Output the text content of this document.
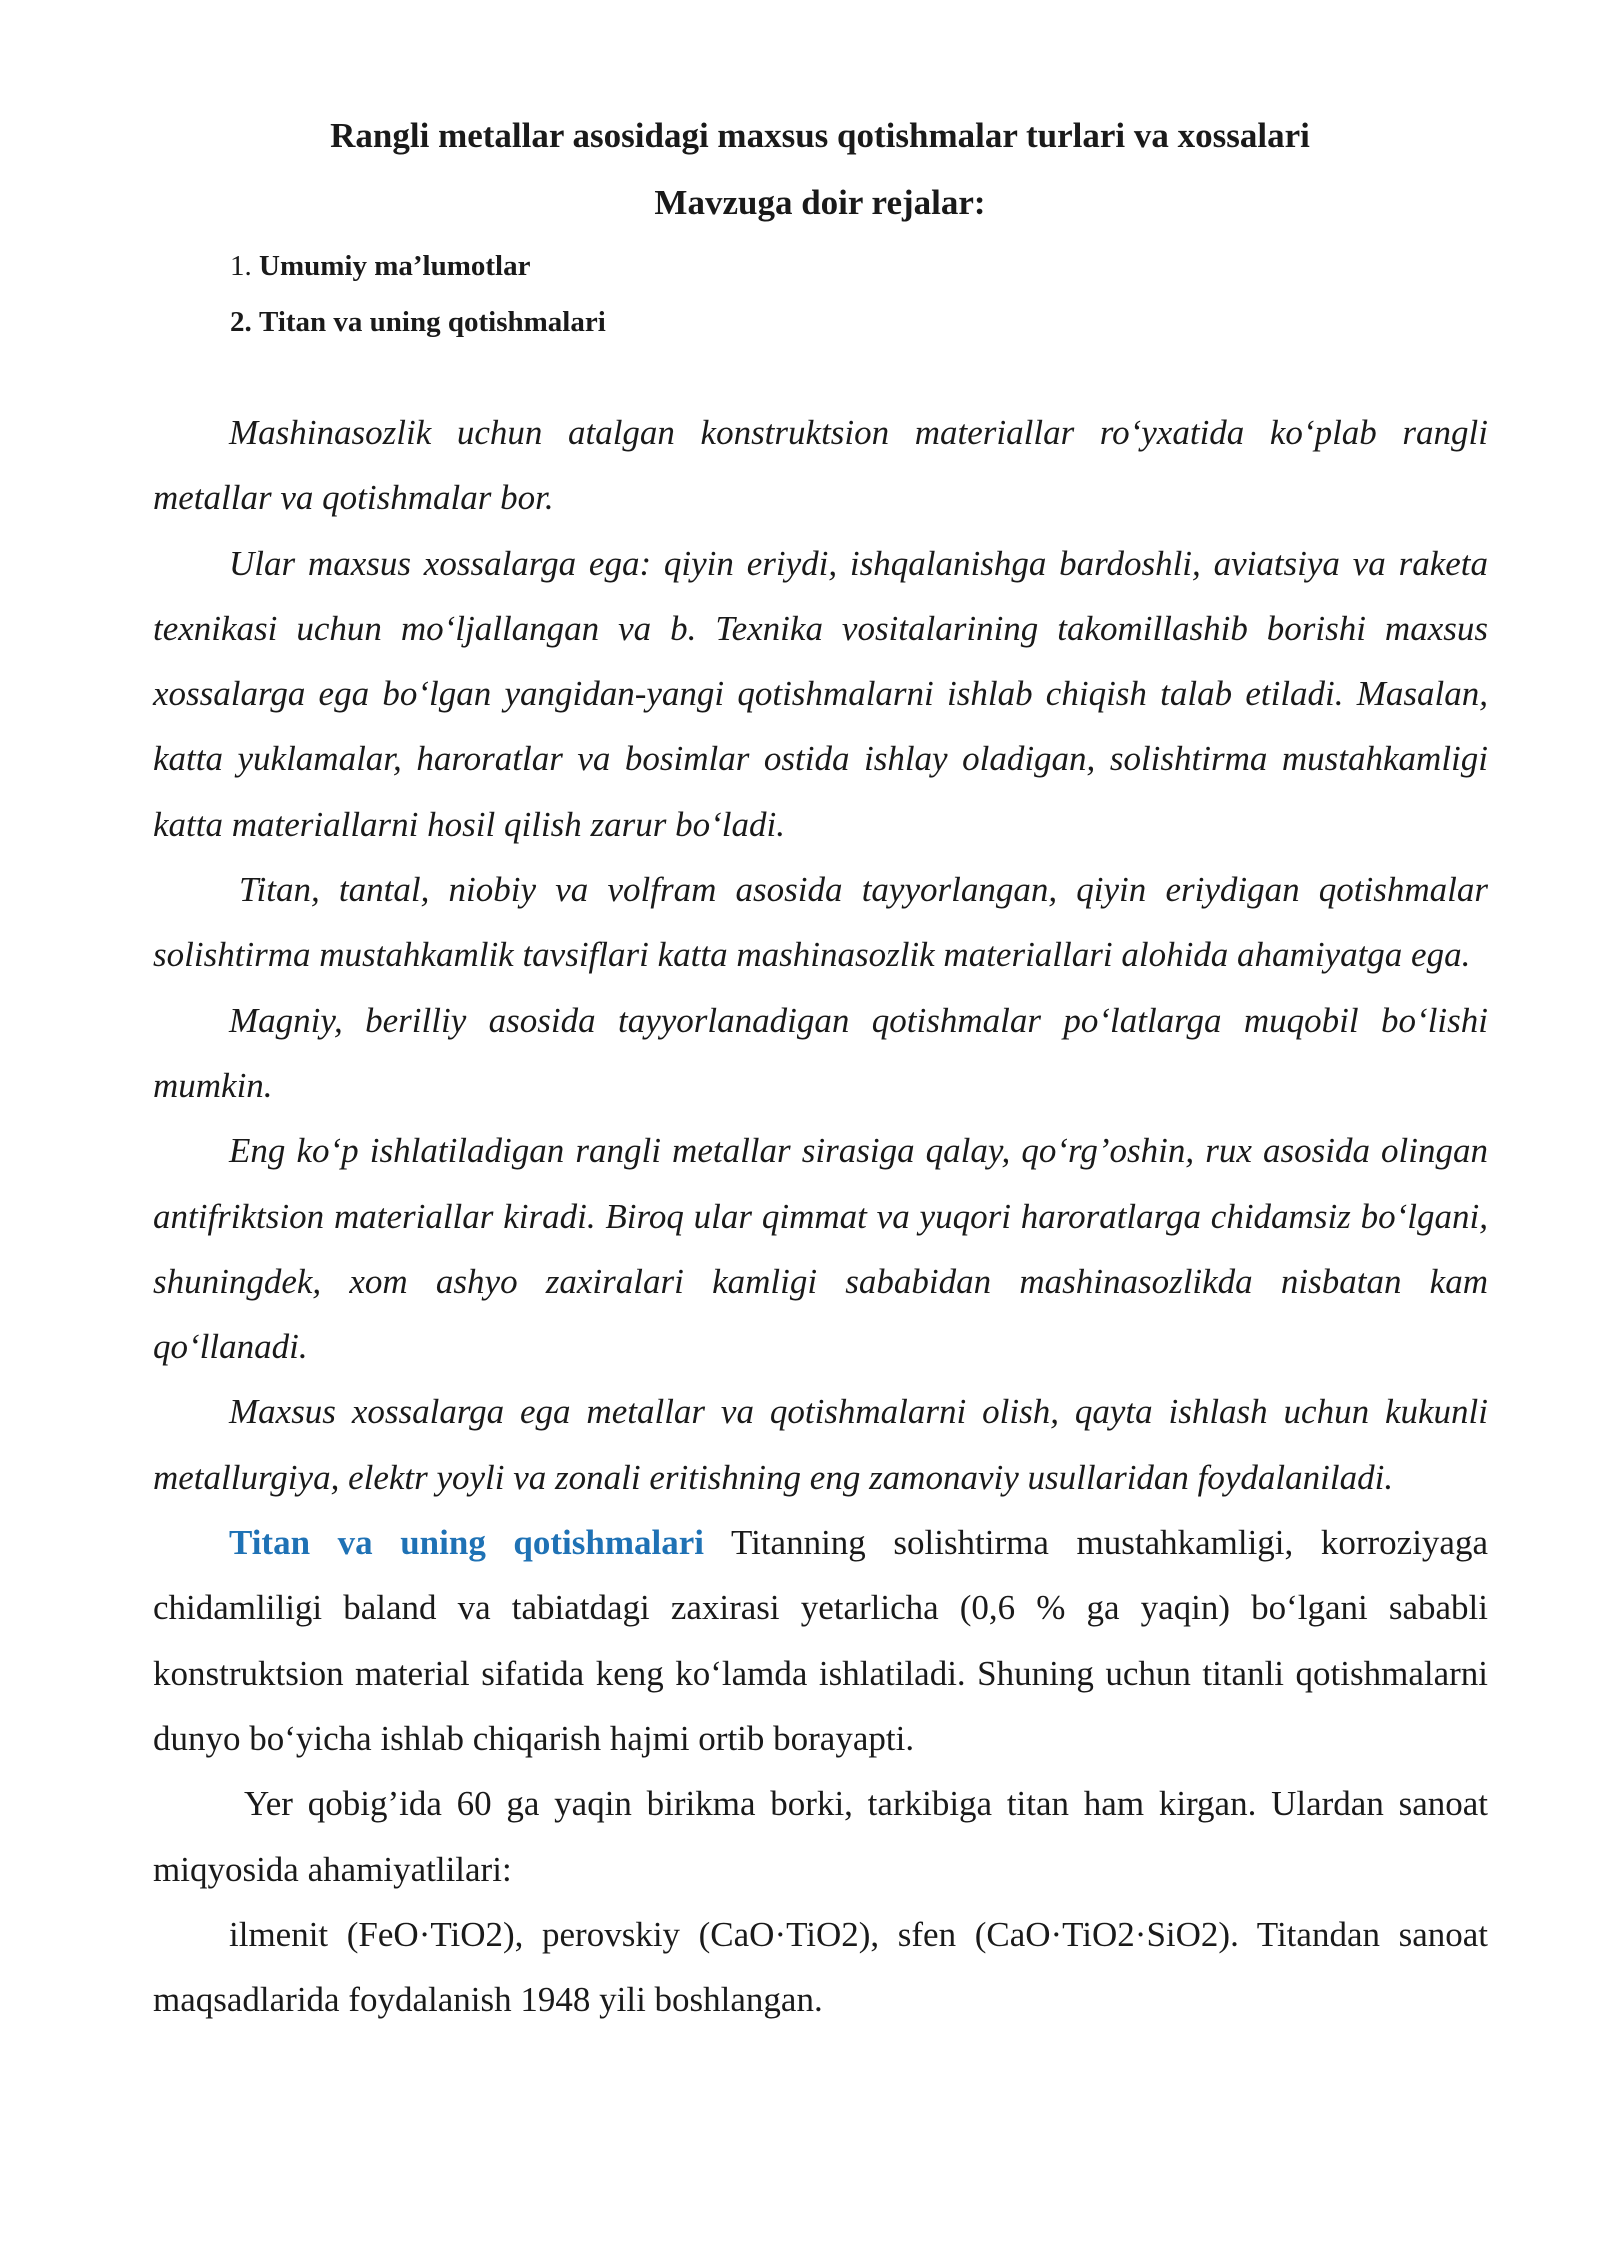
Rangli metallar asosidagi maxsus qotishmalar turlari va xossalari
Mavzuga doir rejalar:

1. Umumiy ma’lumotlar

2. Titan va uning qotishmalari

Mashinasozlik uchun atalgan konstruktsion materiallar ro‘yxatida ko‘plab rangli metallar va qotishmalar bor.

Ular maxsus xossalarga ega: qiyin eriydi, ishqalanishga bardoshli, aviatsiya va raketa texnikasi uchun mo‘ljallangan va b. Texnika vositalarining takomillashib borishi maxsus xossalarga ega bo‘lgan yangidan-yangi qotishmalarni ishlab chiqish talab etiladi. Masalan, katta yuklamalar, haroratlar va bosimlar ostida ishlay oladigan, solishtirma mustahkamligi katta materiallarni hosil qilish zarur bo‘ladi.

Titan, tantal, niobiy va volfram asosida tayyorlangan, qiyin eriydigan qotishmalar solishtirma mustahkamlik tavsiflari katta mashinasozlik materiallari alohida ahamiyatga ega.

Magniy, berilliy asosida tayyorlanadigan qotishmalar po‘latlarga muqobil bo‘lishi mumkin.

Eng ko‘p ishlatiladigan rangli metallar sirasiga qalay, qo‘rg’oshin, rux asosida olingan antifriktsion materiallar kiradi. Biroq ular qimmat va yuqori haroratlarga chidamsiz bo‘lgani, shuningdek, xom ashyo zaxiralari kamligi sababidan mashinasozlikda nisbatan kam qo‘llanadi.

Maxsus xossalarga ega metallar va qotishmalarni olish, qayta ishlash uchun kukunli metallurgiya, elektr yoyli va zonali eritishning eng zamonaviy usullaridan foydalaniladi.

Titan va uning qotishmalari Titanning solishtirma mustahkamligi, korroziyaga chidamliligi baland va tabiatdagi zaxirasi yetarlicha (0,6 % ga yaqin) bo‘lgani sababli konstruktsion material sifatida keng ko‘lamda ishlatiladi. Shuning uchun titanli qotishmalarni dunyo bo‘yicha ishlab chiqarish hajmi ortib borayapti.

Yer qobig’ida 60 ga yaqin birikma borki, tarkibiga titan ham kirgan. Ulardan sanoat miqyosida ahamiyatlilari:

ilmenit (FeO·TiO2), perovskiy (CaO·TiO2), sfen (CaO·TiO2·SiO2). Titandan sanoat maqsadlarida foydalanish 1948 yili boshlangan.
